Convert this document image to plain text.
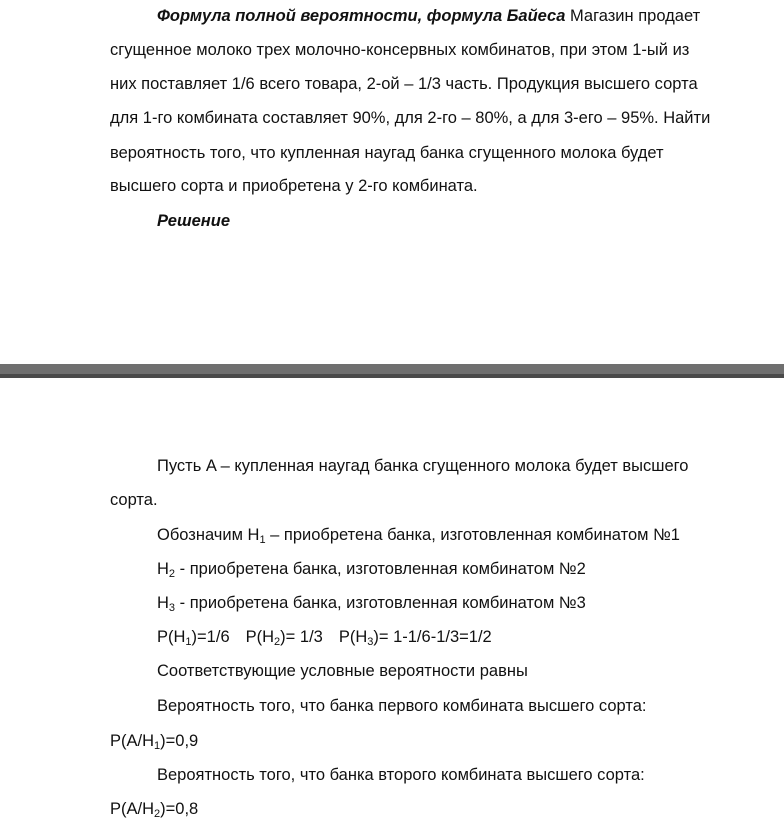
Формула полной вероятности, формула Байеса Магазин продает
сгущенное молоко трех молочно-консервных комбинатов, при этом 1-ый из
них поставляет 1/6 всего товара, 2-ой – 1/3 часть. Продукция высшего сорта
для 1-го комбината составляет 90%, для 2-го – 80%, а для 3-его – 95%. Найти
вероятность того, что купленная наугад банка сгущенного молока будет
высшего сорта и приобретена у 2-го комбината.
Решение
Пусть A – купленная наугад банка сгущенного молока будет высшего
сорта.
Обозначим $H_1$ – приобретена банка, изготовленная комбинатом №1
$H_2$ - приобретена банка, изготовленная комбинатом №2
$H_3$ - приобретена банка, изготовленная комбинатом №3
$P(H_1)=1/6$ $P(H_2)= 1/3$ $P(H_3)= 1-1/6-1/3=1/2$
Соответствующие условные вероятности равны
Вероятность того, что банка первого комбината высшего сорта:
$P(A/H_1)=0,9$
Вероятность того, что банка второго комбината высшего сорта:
$P(A/H_2)=0,8$
